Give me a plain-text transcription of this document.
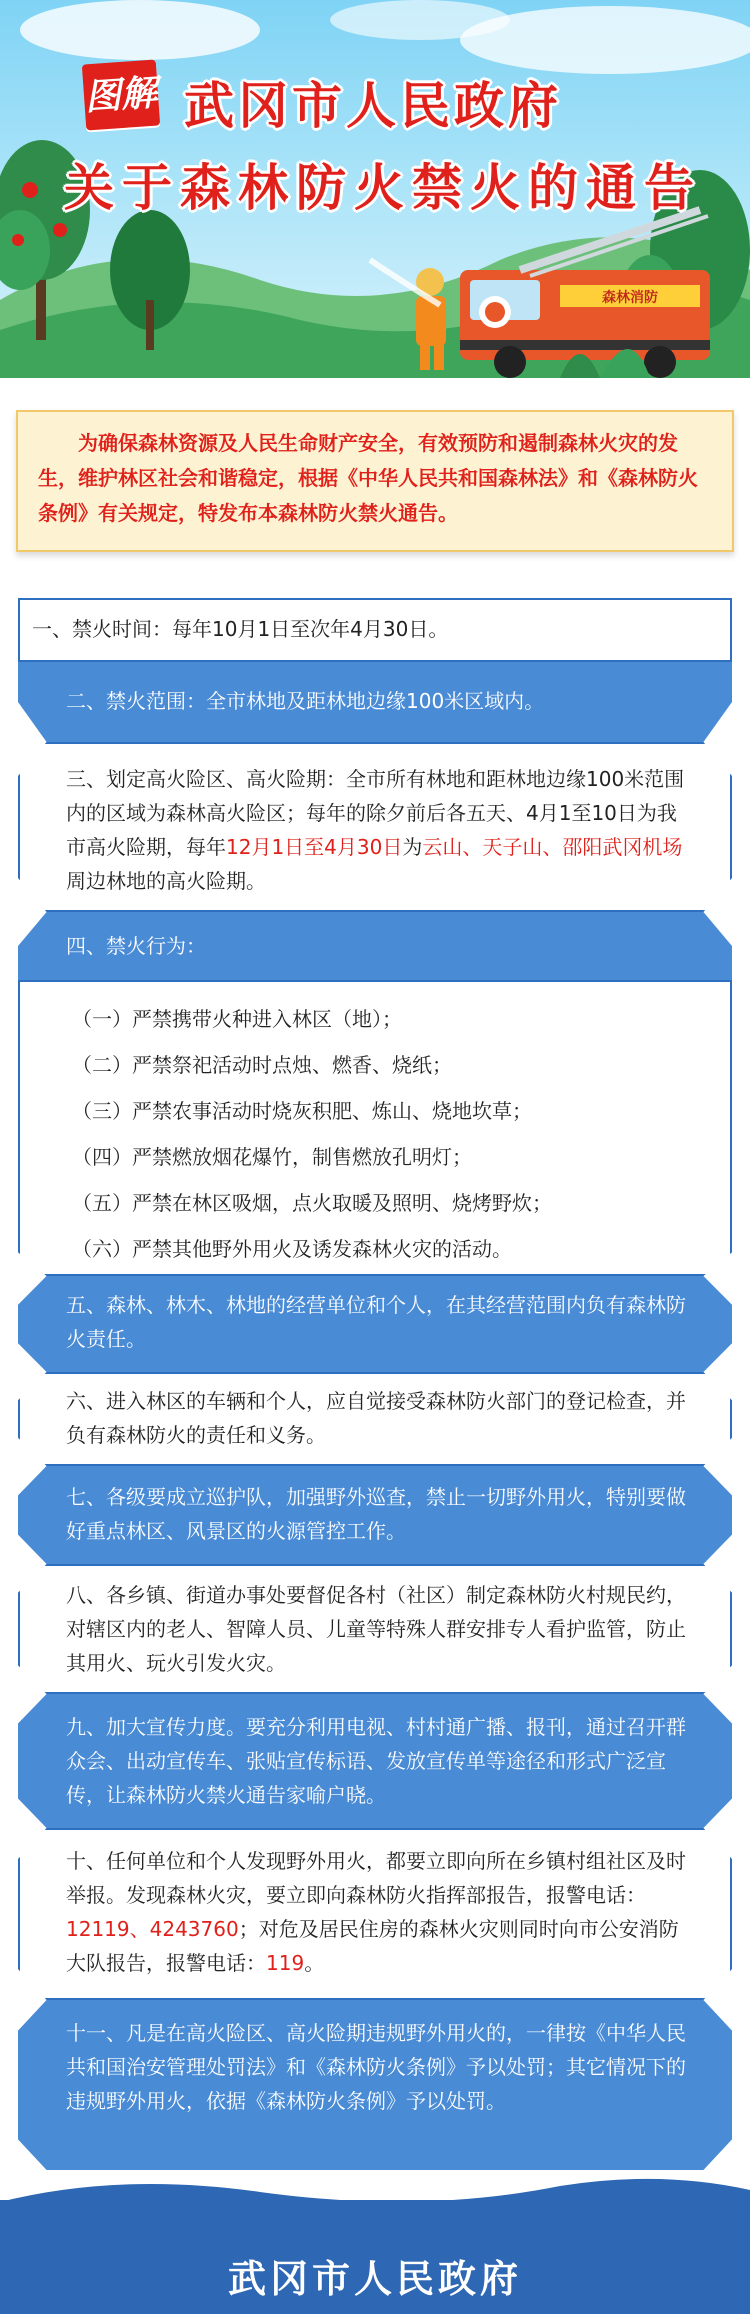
森林消防
图解 武冈市人民政府
关于森林防火禁火的通告
为确保森林资源及人民生命财产安全，有效预防和遏制森林火灾的发生，维护林区社会和谐稳定，根据《中华人民共和国森林法》和《森林防火条例》有关规定，特发布本森林防火禁火通告。
一、禁火时间：每年10月1日至次年4月30日。
二、禁火范围：全市林地及距林地边缘100米区域内。
三、划定高火险区、高火险期：全市所有林地和距林地边缘100米范围内的区域为森林高火险区；每年的除夕前后各五天、4月1至10日为我市高火险期，每年12月1日至4月30日为云山、天子山、邵阳武冈机场周边林地的高火险期。
四、禁火行为：
（一）严禁携带火种进入林区（地）；
（二）严禁祭祀活动时点烛、燃香、烧纸；
（三）严禁农事活动时烧灰积肥、炼山、烧地坎草；
（四）严禁燃放烟花爆竹，制售燃放孔明灯；
（五）严禁在林区吸烟，点火取暖及照明、烧烤野炊；
（六）严禁其他野外用火及诱发森林火灾的活动。
五、森林、林木、林地的经营单位和个人，在其经营范围内负有森林防火责任。
六、进入林区的车辆和个人，应自觉接受森林防火部门的登记检查，并负有森林防火的责任和义务。
七、各级要成立巡护队，加强野外巡查，禁止一切野外用火，特别要做好重点林区、风景区的火源管控工作。
八、各乡镇、街道办事处要督促各村（社区）制定森林防火村规民约，对辖区内的老人、智障人员、儿童等特殊人群安排专人看护监管，防止其用火、玩火引发火灾。
九、加大宣传力度。要充分利用电视、村村通广播、报刊，通过召开群众会、出动宣传车、张贴宣传标语、发放宣传单等途径和形式广泛宣传，让森林防火禁火通告家喻户晓。
十、任何单位和个人发现野外用火，都要立即向所在乡镇村组社区及时举报。发现森林火灾，要立即向森林防火指挥部报告，报警电话：12119、4243760；对危及居民住房的森林火灾则同时向市公安消防大队报告，报警电话：119。
十一、凡是在高火险区、高火险期违规野外用火的，一律按《中华人民共和国治安管理处罚法》和《森林防火条例》予以处罚；其它情况下的违规野外用火，依据《森林防火条例》予以处罚。
武冈市人民政府
